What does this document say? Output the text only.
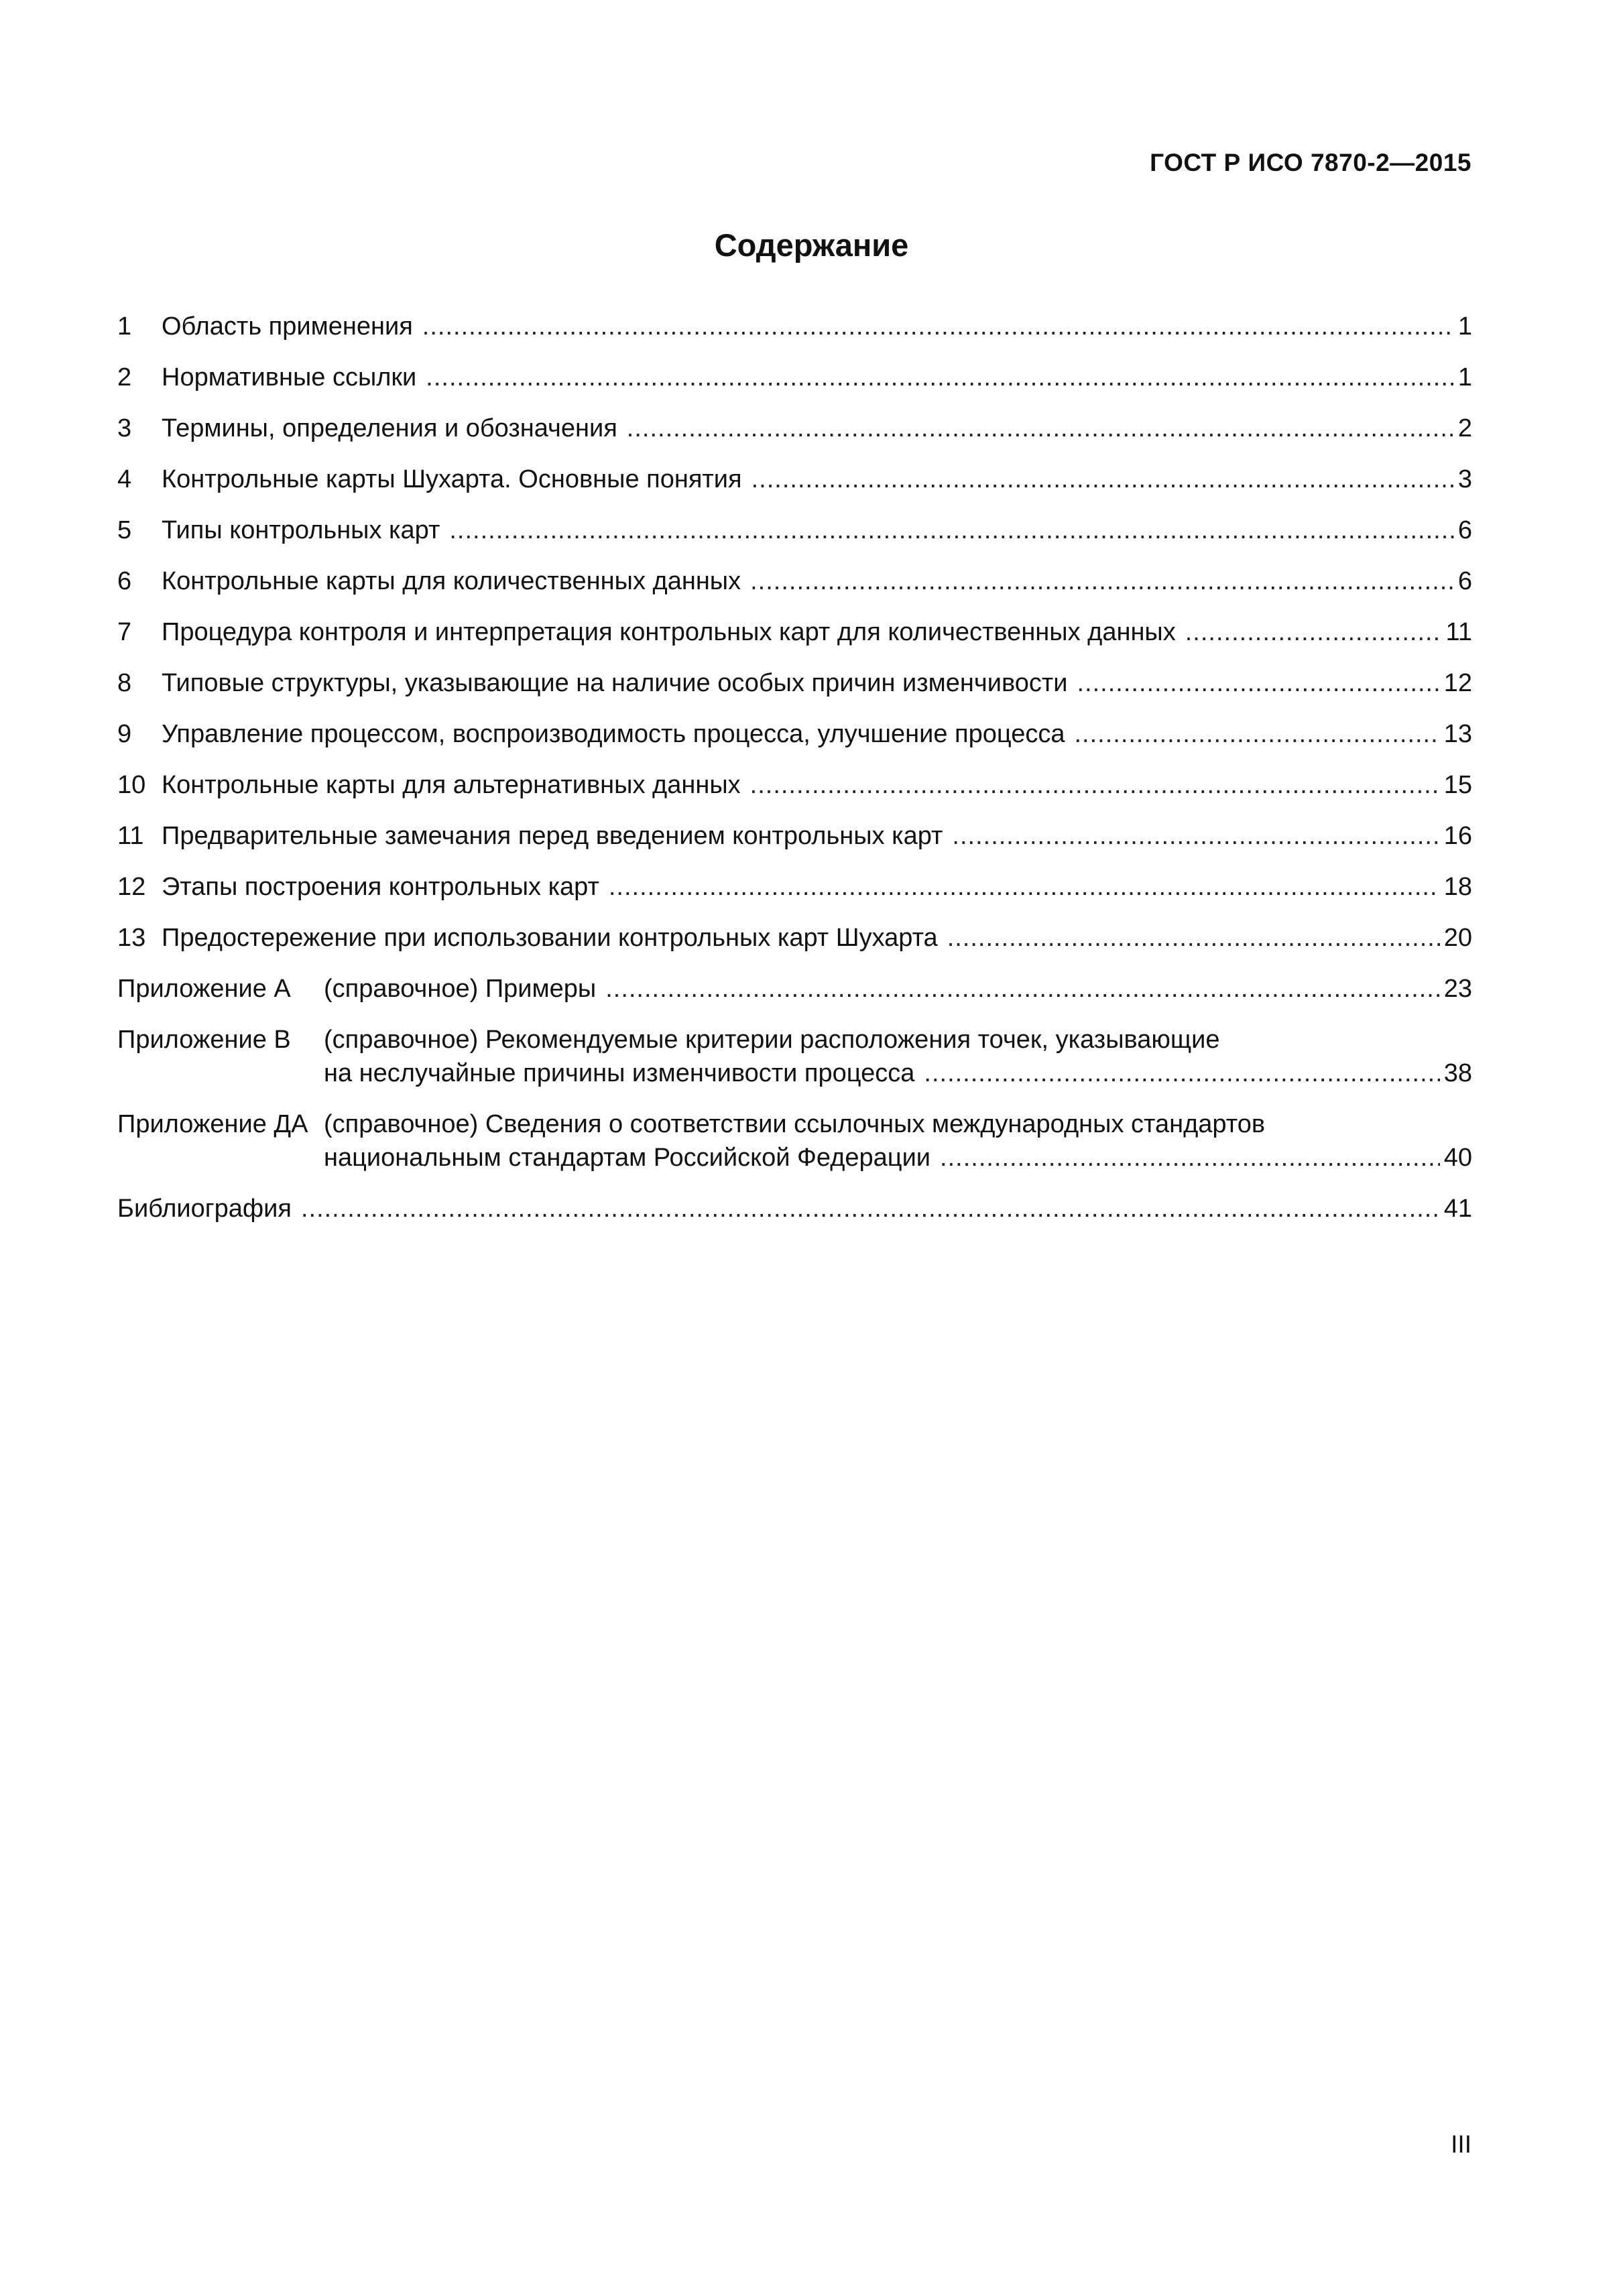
ГОСТ Р ИСО 7870-2—2015
Содержание
1	Область применения .....	1
2	Нормативные ссылки .....	1
3	Термины, определения и обозначения .....	2
4	Контрольные карты Шухарта. Основные понятия .....	3
5	Типы контрольных карт .....	6
6	Контрольные карты для количественных данных .....	6
7	Процедура контроля и интерпретация контрольных карт для количественных данных .....	11
8	Типовые структуры, указывающие на наличие особых причин изменчивости .....	12
9	Управление процессом, воспроизводимость процесса, улучшение процесса .....	13
10 Контрольные карты для альтернативных данных .....	15
11 Предварительные замечания перед введением контрольных карт .....	16
12 Этапы построения контрольных карт .....	18
13 Предостережение при использовании контрольных карт Шухарта .....	20
Приложение А	(справочное) Примеры .....	23
Приложение В	(справочное) Рекомендуемые критерии расположения точек, указывающие
на неслучайные причины изменчивости процесса .....	38
Приложение ДА (справочное) Сведения о соответствии ссылочных международных стандартов
национальным стандартам Российской Федерации .....	40
Библиография .....	41
III
